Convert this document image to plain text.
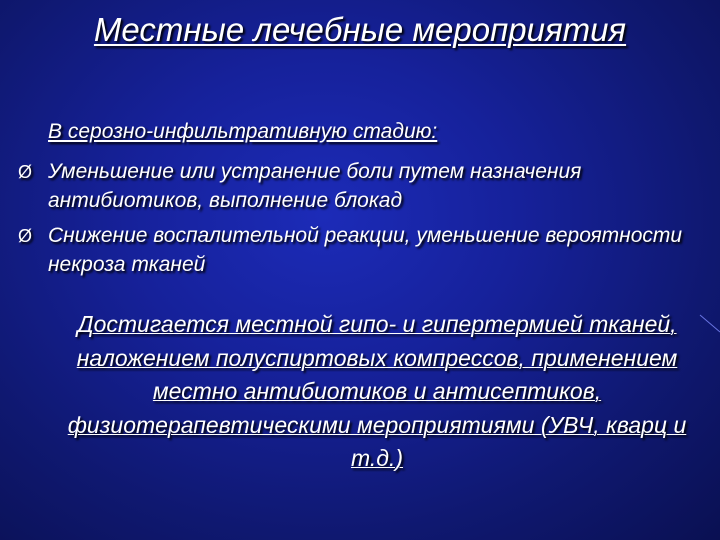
Местные лечебные мероприятия
В серозно-инфильтративную стадию:
Ø Уменьшение или устранение боли путем назначения антибиотиков, выполнение блокад
Ø Снижение воспалительной реакции, уменьшение вероятности некроза тканей
Достигается местной гипо- и гипертермией тканей, наложением полуспиртовых компрессов, применением местно антибиотиков и антисептиков, физиотерапевтическими мероприятиями (УВЧ, кварц и т.д.)
